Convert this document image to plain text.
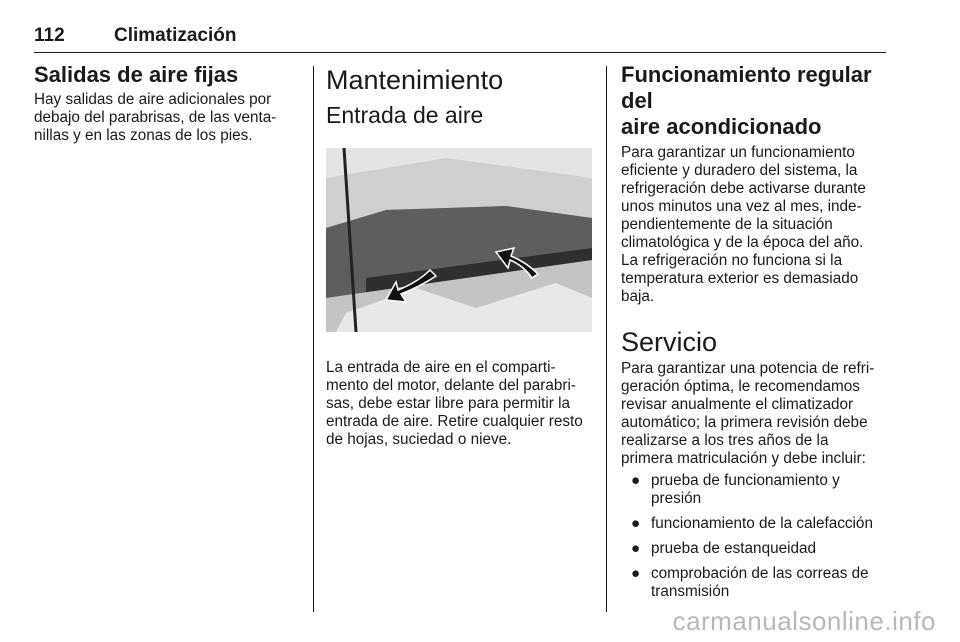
112	Climatización
Salidas de aire fijas

Hay salidas de aire adicionales por
debajo del parabrisas, de las venta-
nillas y en las zonas de los pies.

Mantenimiento
Entrada de aire

La entrada de aire en el comparti-
mento del motor, delante del parabri-
sas, debe estar libre para permitir la
entrada de aire. Retire cualquier resto
de hojas, suciedad o nieve.

Funcionamiento regular del
aire acondicionado

Para garantizar un funcionamiento
eficiente y duradero del sistema, la
refrigeración debe activarse durante
unos minutos una vez al mes, inde-
pendientemente de la situación
climatológica y de la época del año.
La refrigeración no funciona si la
temperatura exterior es demasiado
baja.

Servicio

Para garantizar una potencia de refri-
geración óptima, le recomendamos
revisar anualmente el climatizador
automático; la primera revisión debe
realizarse a los tres años de la
primera matriculación y debe incluir:

● prueba de funcionamiento y
presión
● funcionamiento de la calefacción
● prueba de estanqueidad
● comprobación de las correas de
transmisión
carmanualsonline.info
